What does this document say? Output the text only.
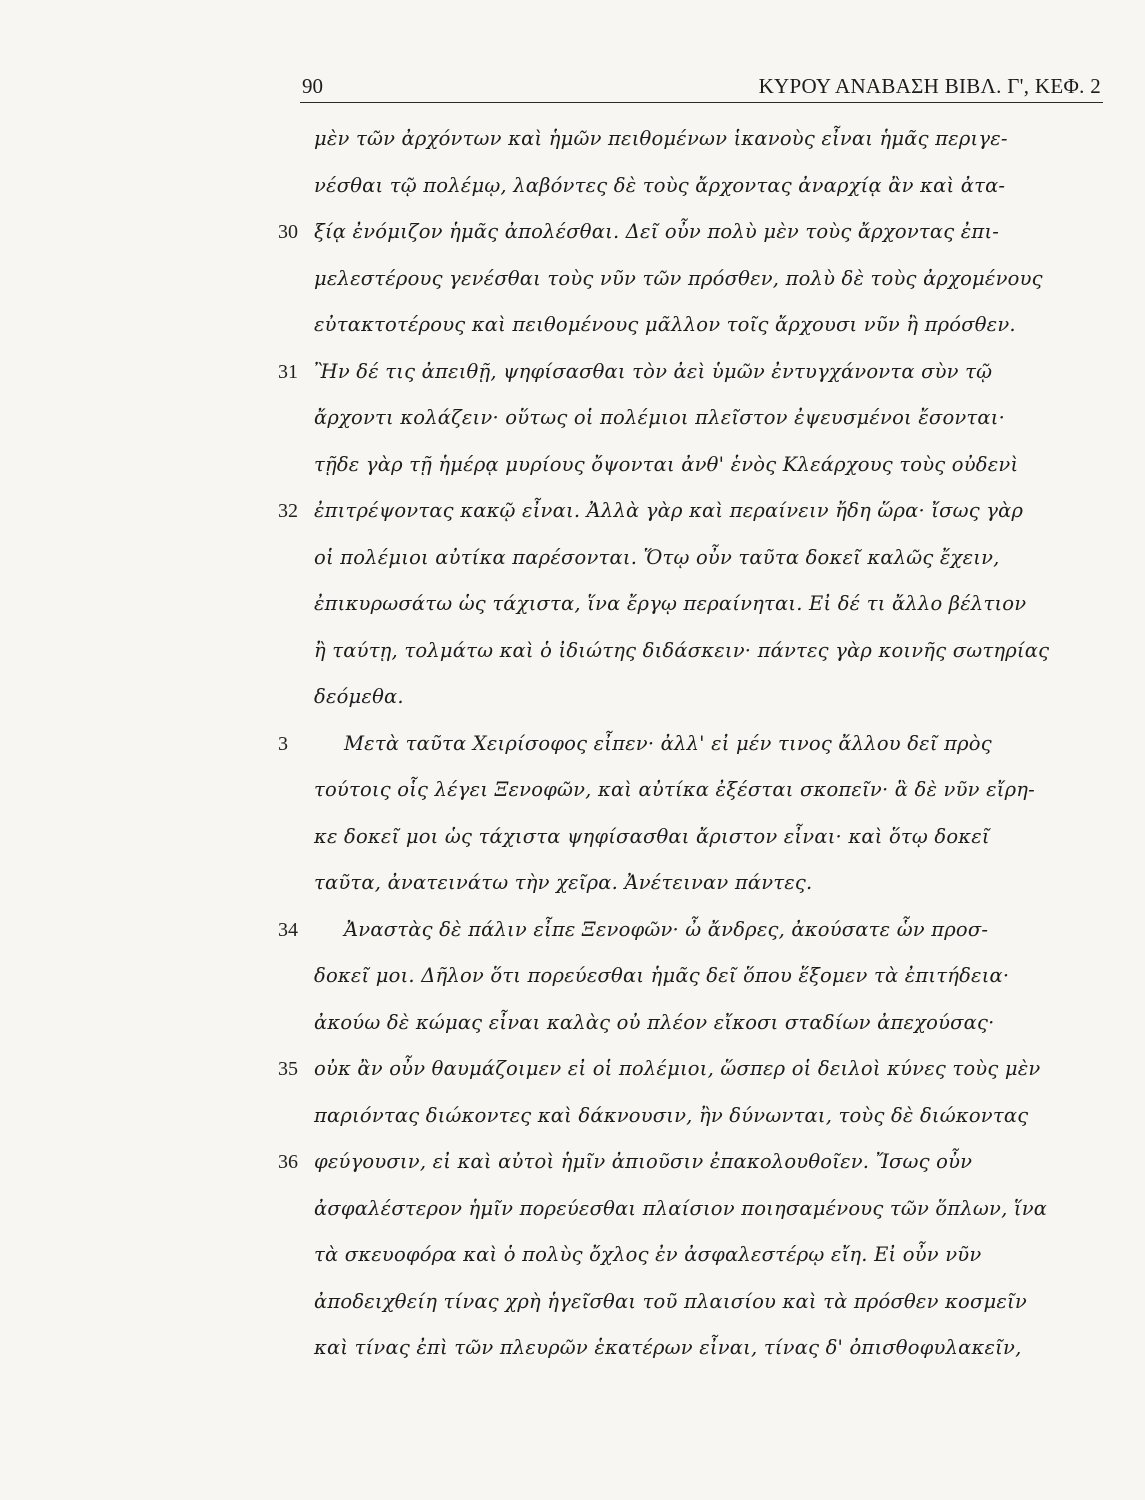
90	ΚΥΡΟΥ ΑΝΑΒΑΣΗ ΒΙΒΛ. Γ', ΚΕΦ. 2
μὲν τῶν ἀρχόντων καὶ ἡμῶν πειθομένων ἱκανοὺς εἶναι ἡμᾶς περιγε-
νέσθαι τῷ πολέμῳ, λαβόντες δὲ τοὺς ἄρχοντας ἀναρχίᾳ ἂν καὶ ἀτα-
30 ξίᾳ ἐνόμιζον ἡμᾶς ἀπολέσθαι. Δεῖ οὖν πολὺ μὲν τοὺς ἄρχοντας ἐπι-
μελεστέρους γενέσθαι τοὺς νῦν τῶν πρόσθεν, πολὺ δὲ τοὺς ἀρχομένους
εὐτακτοτέρους καὶ πειθομένους μᾶλλον τοῖς ἄρχουσι νῦν ἢ πρόσθεν.
31 Ἢν δέ τις ἀπειθῇ, ψηφίσασθαι τὸν ἀεὶ ὑμῶν ἐντυγχάνοντα σὺν τῷ
ἄρχοντι κολάζειν· οὕτως οἱ πολέμιοι πλεῖστον ἐψευσμένοι ἔσονται·
τῇδε γὰρ τῇ ἡμέρᾳ μυρίους ὄψονται ἀνθ' ἑνὸς Κλεάρχους τοὺς οὐδενὶ
32 ἐπιτρέψοντας κακῷ εἶναι. Ἀλλὰ γὰρ καὶ περαίνειν ἤδη ὥρα· ἴσως γὰρ
οἱ πολέμιοι αὐτίκα παρέσονται. Ὅτῳ οὖν ταῦτα δοκεῖ καλῶς ἔχειν,
ἐπικυρωσάτω ὡς τάχιστα, ἵνα ἔργῳ περαίνηται. Εἰ δέ τι ἄλλο βέλτιον
ἢ ταύτῃ, τολμάτω καὶ ὁ ἰδιώτης διδάσκειν· πάντες γὰρ κοινῆς σωτηρίας
δεόμεθα.
3	Μετὰ ταῦτα Χειρίσοφος εἶπεν· ἀλλ' εἰ μέν τινος ἄλλου δεῖ πρὸς
τούτοις οἷς λέγει Ξενοφῶν, καὶ αὐτίκα ἐξέσται σκοπεῖν· ἃ δὲ νῦν εἴρη-
κε δοκεῖ μοι ὡς τάχιστα ψηφίσασθαι ἄριστον εἶναι· καὶ ὅτῳ δοκεῖ
ταῦτα, ἀνατεινάτω τὴν χεῖρα. Ἀνέτειναν πάντες.
34	Ἀναστὰς δὲ πάλιν εἶπε Ξενοφῶν· ὦ ἄνδρες, ἀκούσατε ὧν προσ-
δοκεῖ μοι. Δῆλον ὅτι πορεύεσθαι ἡμᾶς δεῖ ὅπου ἕξομεν τὰ ἐπιτήδεια·
ἀκούω δὲ κώμας εἶναι καλὰς οὐ πλέον εἴκοσι σταδίων ἀπεχούσας·
35 οὐκ ἂν οὖν θαυμάζοιμεν εἰ οἱ πολέμιοι, ὥσπερ οἱ δειλοὶ κύνες τοὺς μὲν
παριόντας διώκοντες καὶ δάκνουσιν, ἢν δύνωνται, τοὺς δὲ διώκοντας
36 φεύγουσιν, εἰ καὶ αὐτοὶ ἡμῖν ἀπιοῦσιν ἐπακολουθοῖεν. Ἴσως οὖν
ἀσφαλέστερον ἡμῖν πορεύεσθαι πλαίσιον ποιησαμένους τῶν ὅπλων, ἵνα
τὰ σκευοφόρα καὶ ὁ πολὺς ὄχλος ἐν ἀσφαλεστέρῳ εἴη. Εἰ οὖν νῦν
ἀποδειχθείη τίνας χρὴ ἡγεῖσθαι τοῦ πλαισίου καὶ τὰ πρόσθεν κοσμεῖν
καὶ τίνας ἐπὶ τῶν πλευρῶν ἑκατέρων εἶναι, τίνας δ' ὀπισθοφυλακεῖν,
